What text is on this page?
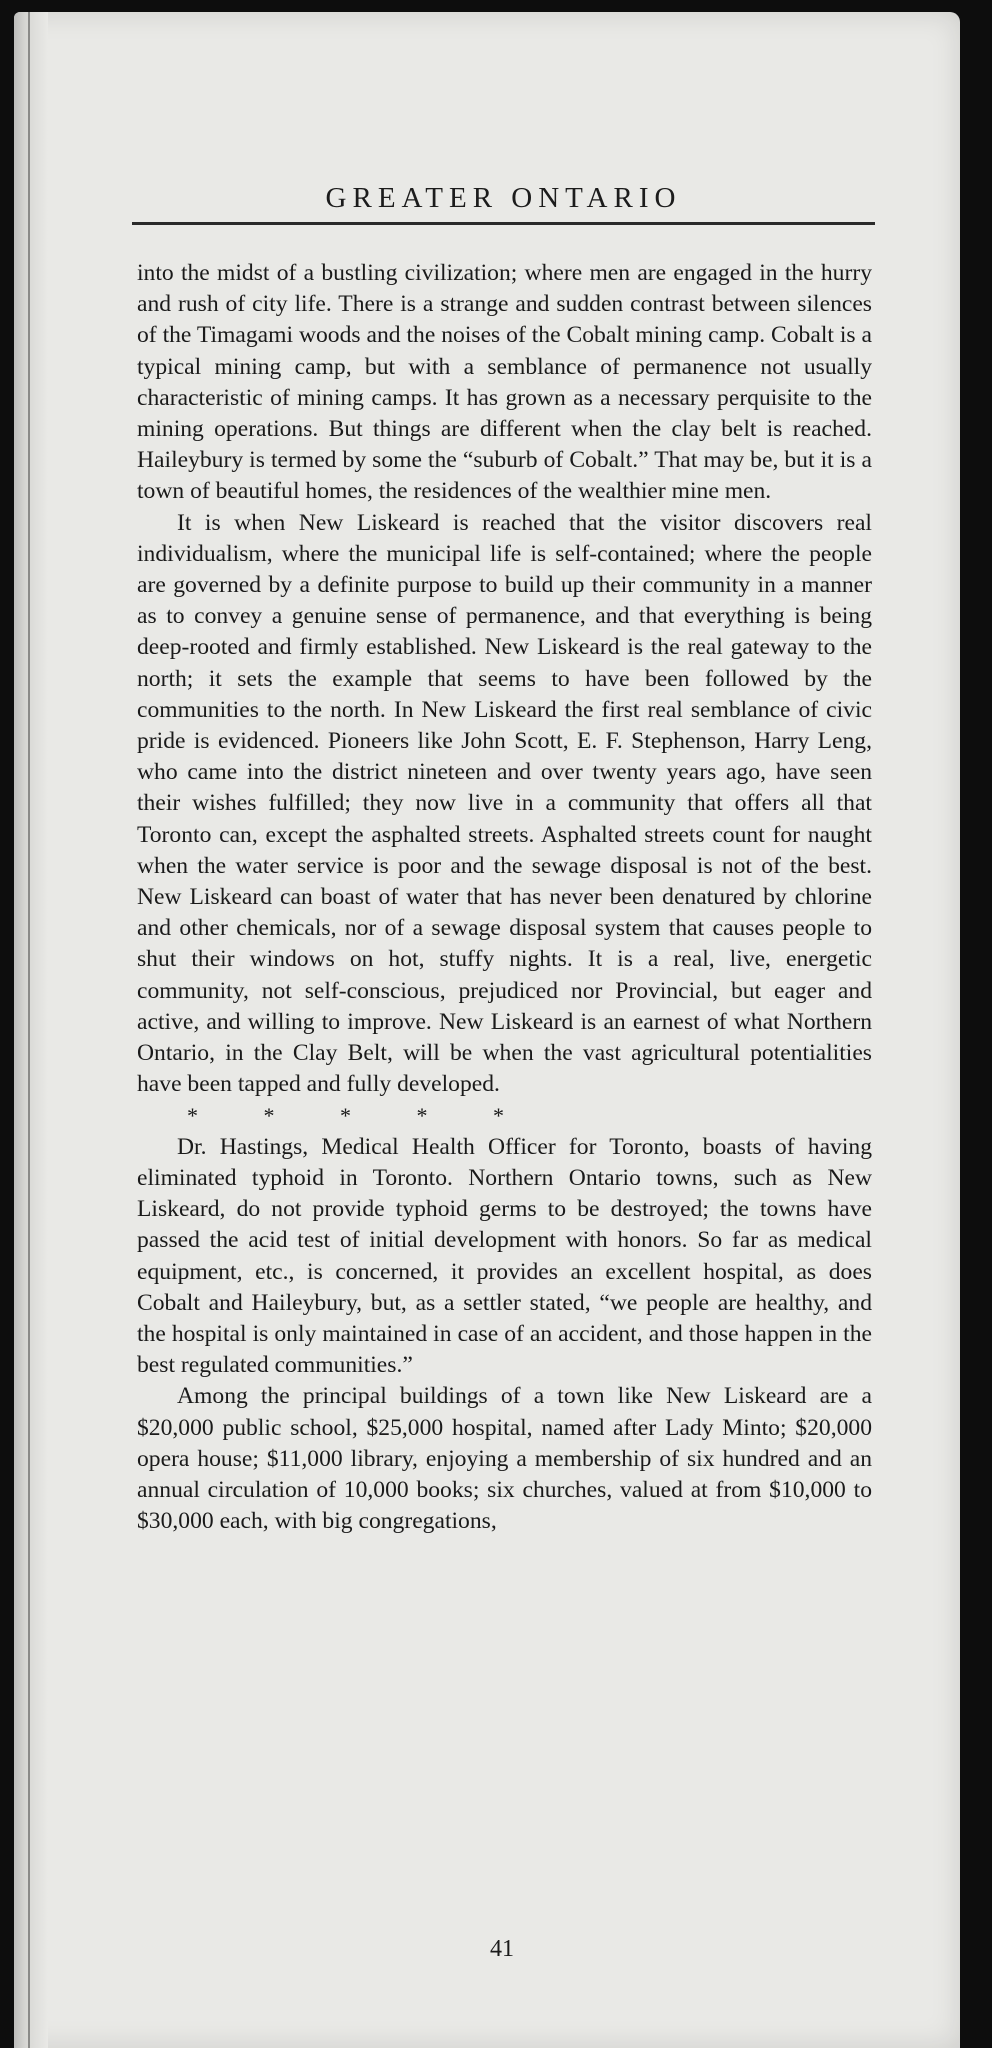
GREATER ONTARIO

into the midst of a bustling civilization; where men are engaged in the hurry and rush of city life. There is a strange and sudden contrast between silences of the Timagami woods and the noises of the Cobalt mining camp. Cobalt is a typical mining camp, but with a semblance of permanence not usually characteristic of mining camps. It has grown as a necessary perquisite to the mining operations. But things are different when the clay belt is reached. Haileybury is termed by some the “suburb of Cobalt.” That may be, but it is a town of beautiful homes, the residences of the wealthier mine men.

It is when New Liskeard is reached that the visitor discovers real individualism, where the municipal life is self-contained; where the people are governed by a definite purpose to build up their community in a manner as to convey a genuine sense of permanence, and that everything is being deep-rooted and firmly established. New Liskeard is the real gateway to the north; it sets the example that seems to have been followed by the communities to the north. In New Liskeard the first real semblance of civic pride is evidenced. Pioneers like John Scott, E. F. Stephenson, Harry Leng, who came into the district nineteen and over twenty years ago, have seen their wishes fulfilled; they now live in a community that offers all that Toronto can, except the asphalted streets. Asphalted streets count for naught when the water service is poor and the sewage disposal is not of the best. New Liskeard can boast of water that has never been denatured by chlorine and other chemicals, nor of a sewage disposal system that causes people to shut their windows on hot, stuffy nights. It is a real, live, energetic community, not self-conscious, prejudiced nor Provincial, but eager and active, and willing to improve. New Liskeard is an earnest of what Northern Ontario, in the Clay Belt, will be when the vast agricultural potentialities have been tapped and fully developed.

* * * * *

Dr. Hastings, Medical Health Officer for Toronto, boasts of having eliminated typhoid in Toronto. Northern Ontario towns, such as New Liskeard, do not provide typhoid germs to be destroyed; the towns have passed the acid test of initial development with honors. So far as medical equipment, etc., is concerned, it provides an excellent hospital, as does Cobalt and Haileybury, but, as a settler stated, “we people are healthy, and the hospital is only maintained in case of an accident, and those happen in the best regulated communities.”

Among the principal buildings of a town like New Liskeard are a $20,000 public school, $25,000 hospital, named after Lady Minto; $20,000 opera house; $11,000 library, enjoying a membership of six hundred and an annual circulation of 10,000 books; six churches, valued at from $10,000 to $30,000 each, with big congregations,

41
